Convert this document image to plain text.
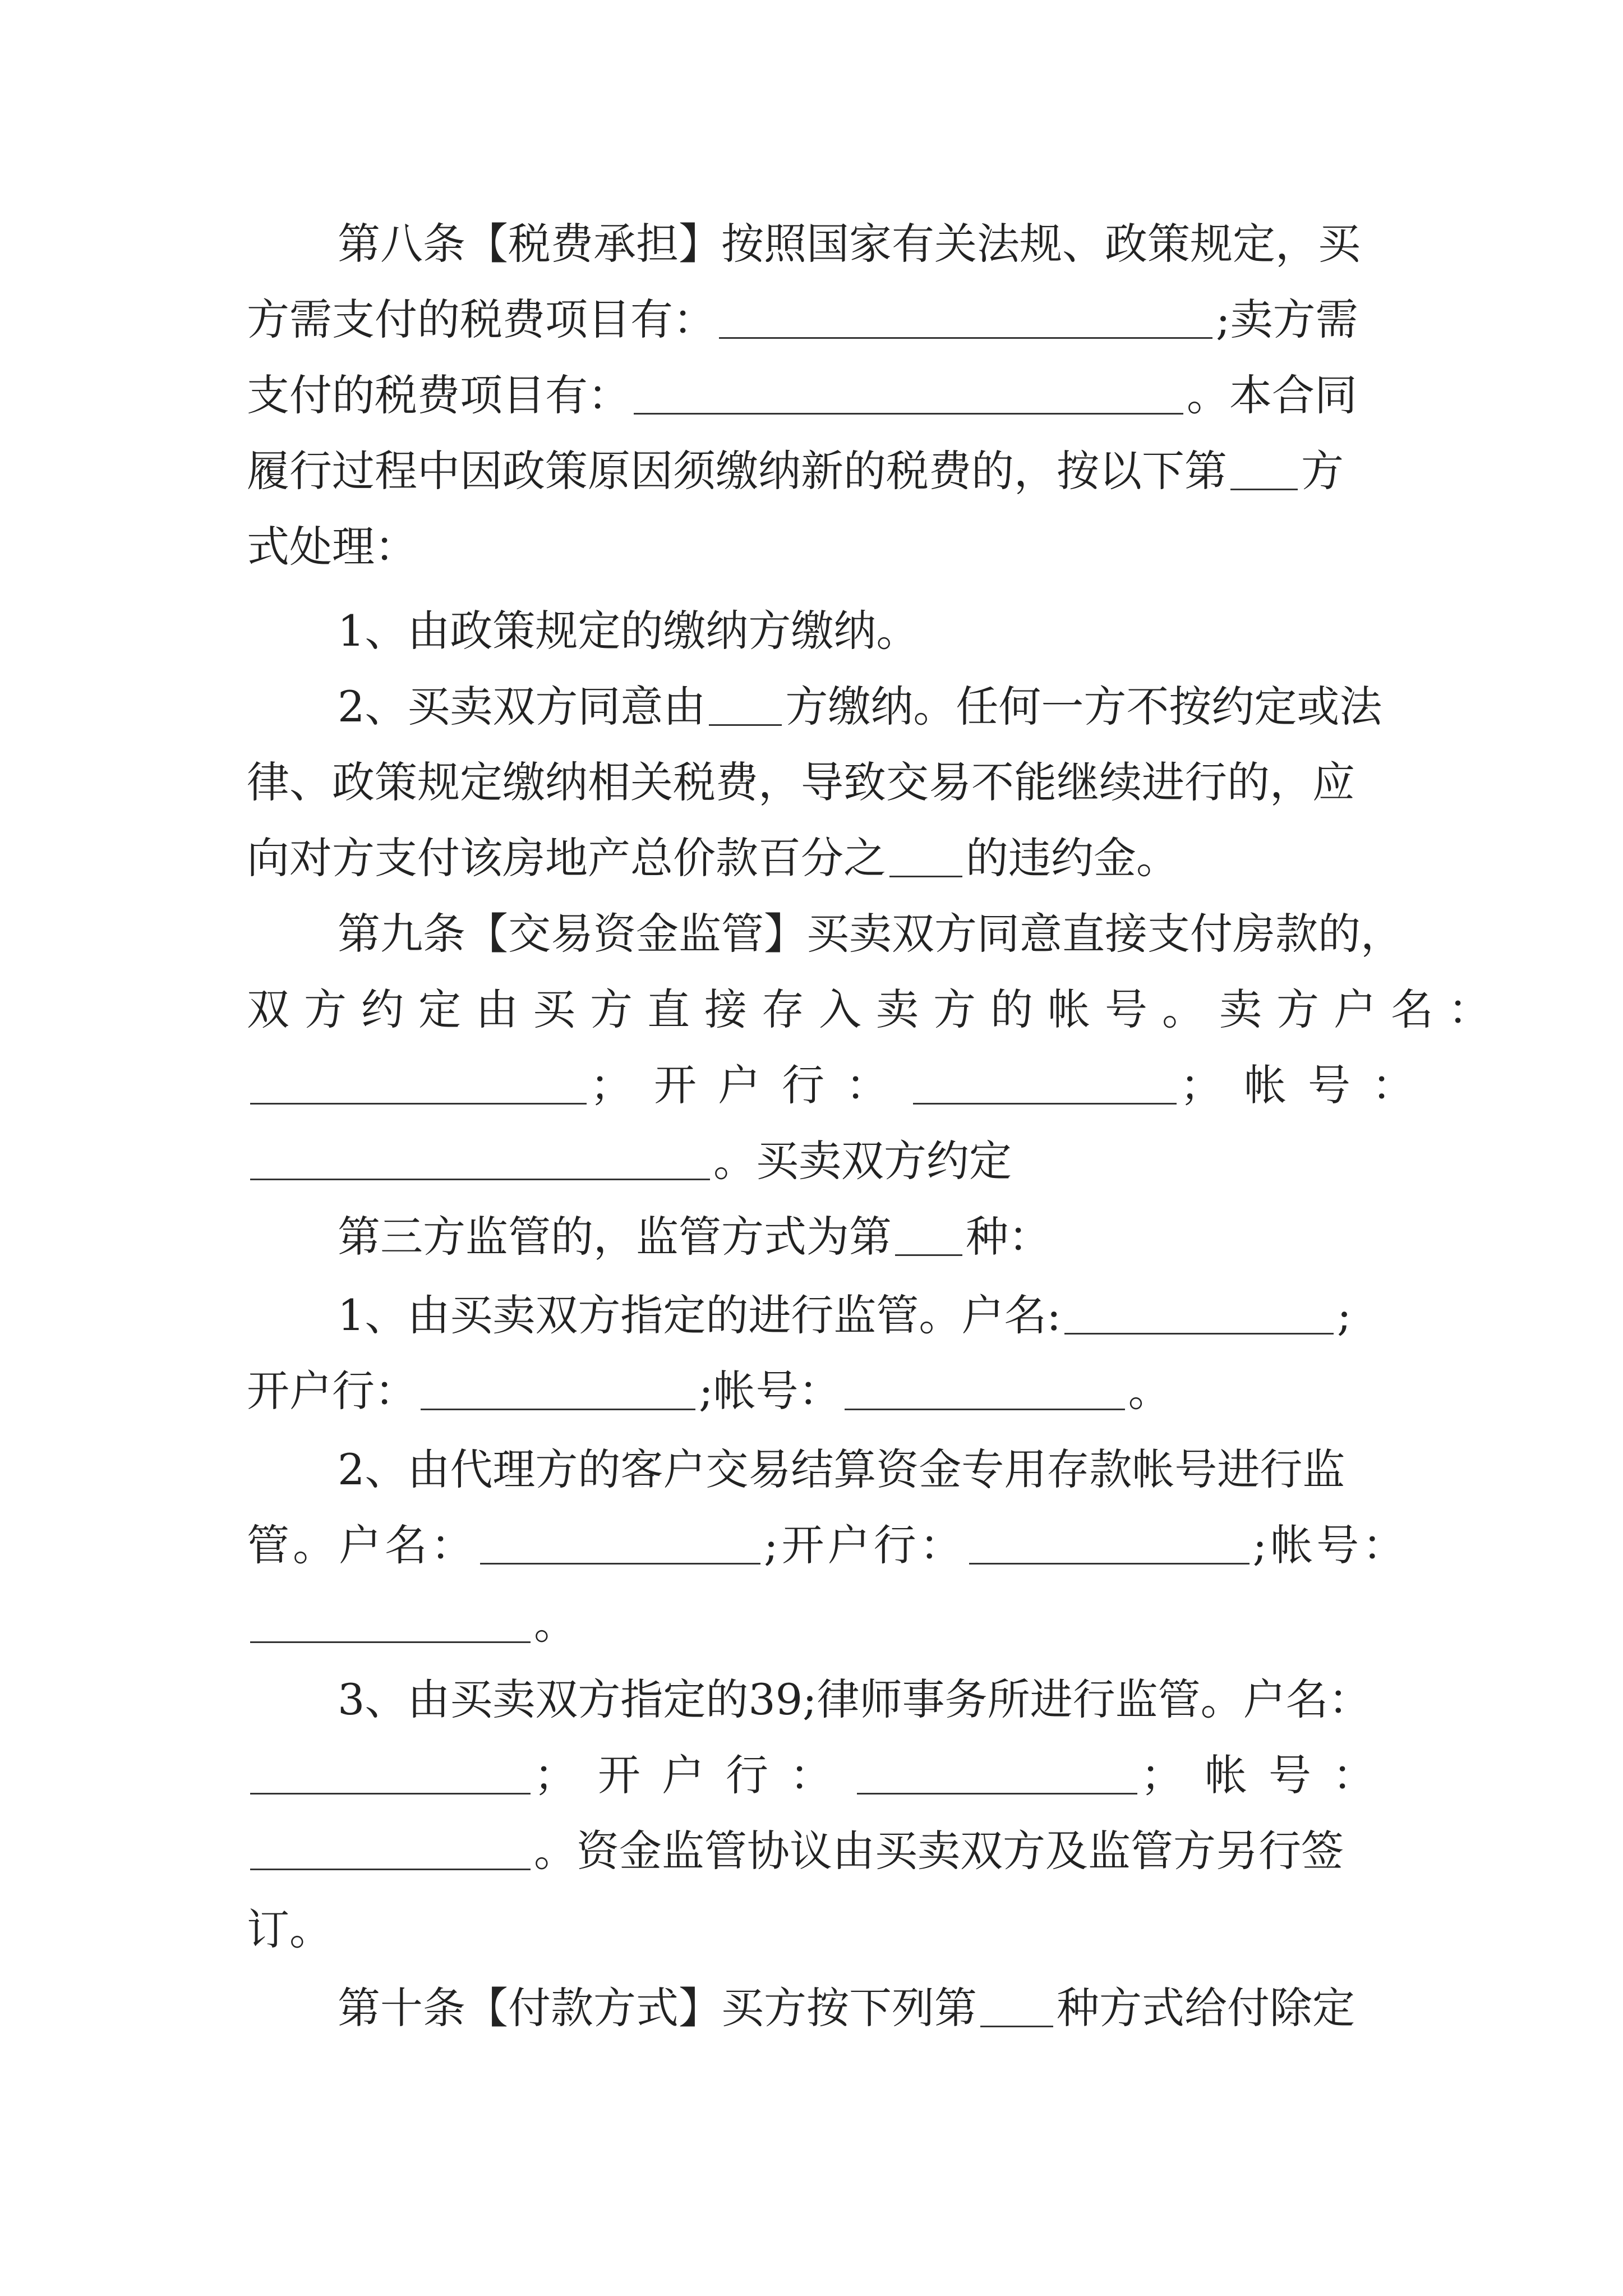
第八条【税费承担】按照国家有关法规、政策规定，买
方需支付的税费项目有：	;卖方需
支付的税费项目有：	。本合同
履行过程中因政策原因须缴纳新的税费的，按以下第 方
式处理：
1、由政策规定的缴纳方缴纳。
2、买卖双方同意由 方缴纳。任何一方不按约定或法
律、政策规定缴纳相关税费，导致交易不能继续进行的，应
向对方支付该房地产总价款百分之 的违约金。
第九条【交易资金监管】买卖双方同意直接支付房款的，
双方约定由买方直接存入卖方的帐号。卖方户名：
；开户行：	；帐号：
。买卖双方约定
第三方监管的，监管方式为第 种：
1、由买卖双方指定的进行监管。户名:	;
开户行：	;帐号：	。
2、由代理方的客户交易结算资金专用存款帐号进行监
管。户名：	;开户行：	;帐号：
。
3、由买卖双方指定的39;律师事务所进行监管。户名：
；开户行：	；帐号：
。资金监管协议由买卖双方及监管方另行签
订。
第十条【付款方式】买方按下列第 种方式给付除定
